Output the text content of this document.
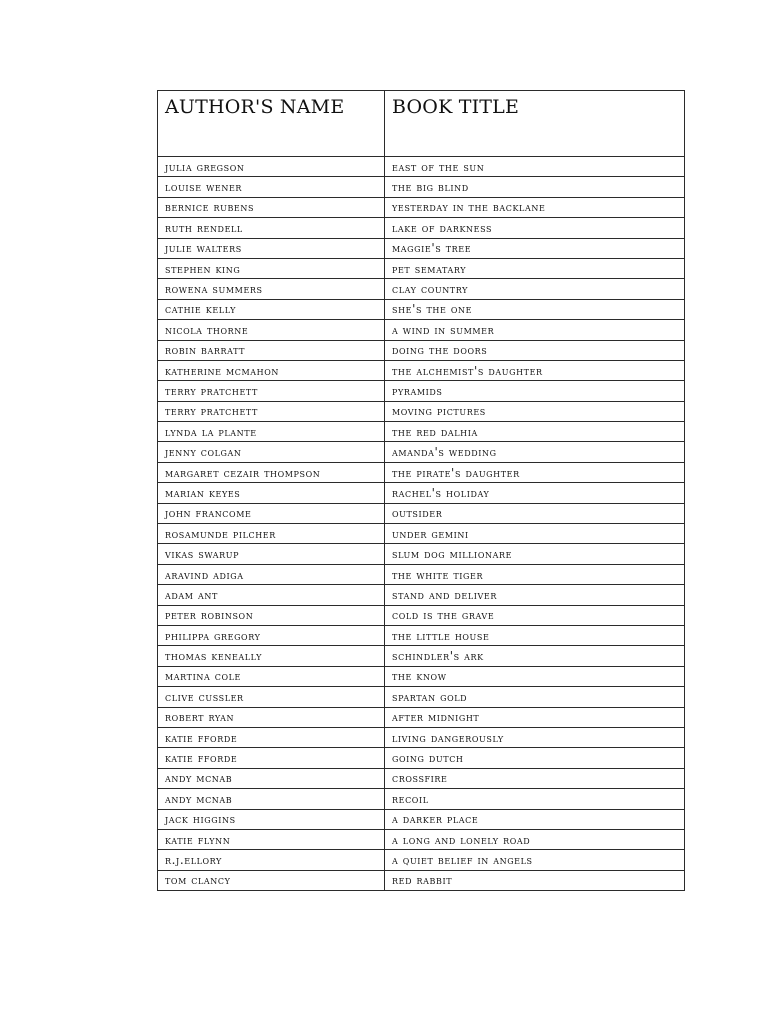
AUTHOR'S NAME	BOOK TITLE
julia gregson	east of the sun
louise wener	the big blind
bernice rubens	yesterday in the backlane
ruth rendell	lake of darkness
julie walters	maggie's tree
stephen king	pet sematary
rowena summers	clay country
cathie kelly	she's the one
nicola thorne	a wind in summer
robin barratt	doing the doors
katherine mcmahon	the alchemist's daughter
terry pratchett	pyramids
terry pratchett	moving pictures
lynda la plante	the red dalhia
jenny colgan	amanda's wedding
margaret cezair thompson	the pirate's daughter
marian keyes	rachel's holiday
john francome	outsider
rosamunde pilcher	under gemini
vikas swarup	slum dog millionare
aravind adiga	the white tiger
adam ant	stand and deliver
peter robinson	cold is the grave
philippa gregory	the little house
thomas keneally	schindler's ark
martina cole	the know
clive cussler	spartan gold
robert ryan	after midnight
katie fforde	living dangerously
katie fforde	going dutch
andy mcnab	crossfire
andy mcnab	recoil
jack higgins	a darker place
katie flynn	a long and lonely road
r.j.ellory	a quiet belief in angels
tom clancy	red rabbit
